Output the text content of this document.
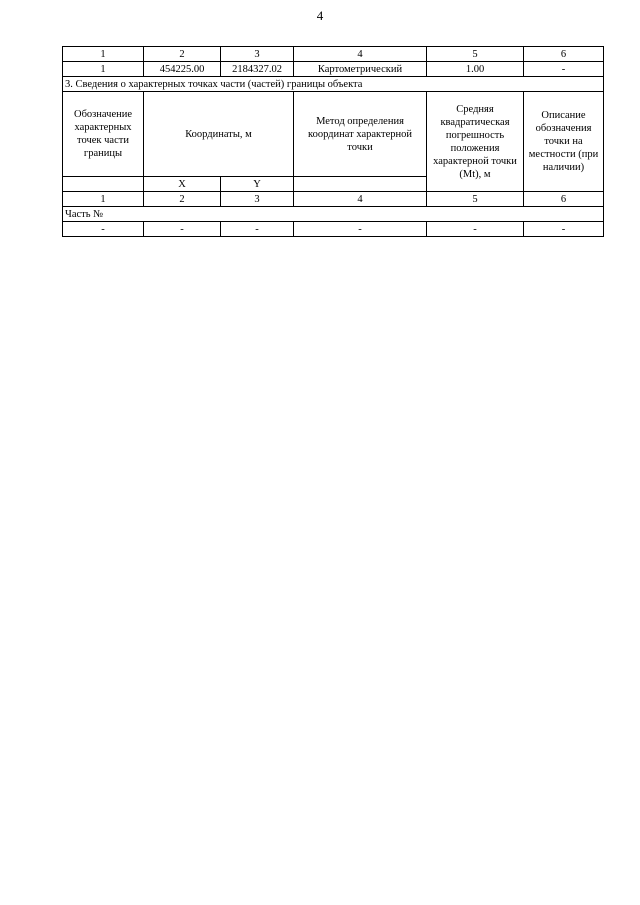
4
1	2	3	4	5	6
1	454225.00	2184327.02	Картометрический	1.00	-
3. Сведения о характерных точках части (частей) границы объекта					
Обозначение характерных точек части границы	Координаты, м		Метод определения координат характерной точки	Средняя квадратическая погрешность положения характерной точки (Mt), м	Описание обозначения точки на местности (при наличии)

	X	Y			
1	2	3	4	5	6
Часть №					
-	-	-	-	-	-
